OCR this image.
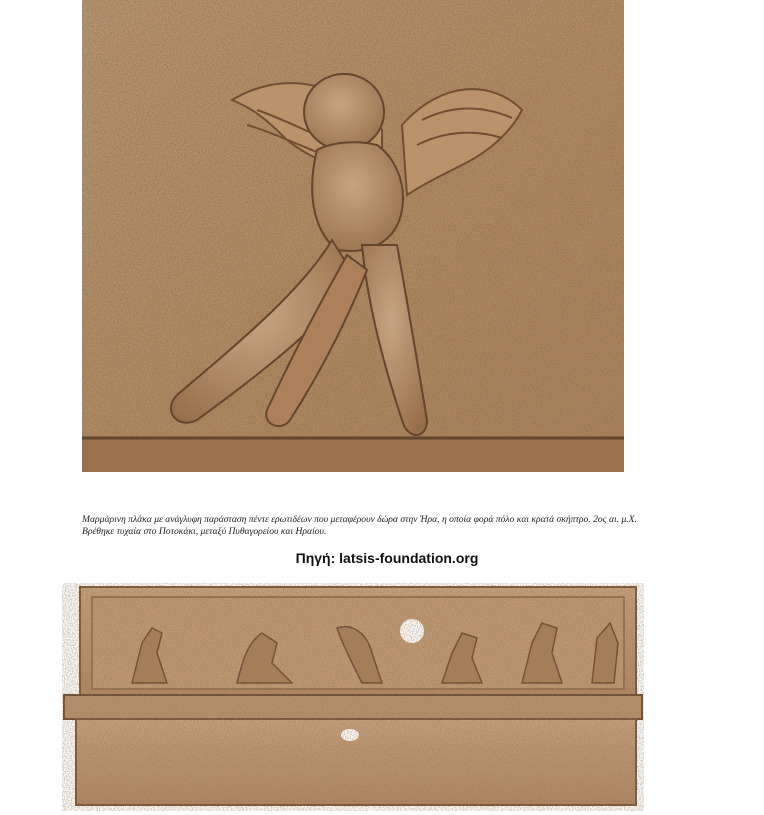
Μαρμάρινη πλάκα με ανάγλυφη παράσταση πέντε ερωτιδέων που μεταφέρουν δώρα στην Ήρα, η οποία φορά πόλο και κρατά σκήπτρο. 2ος αι. μ.Χ. Βρέθηκε τυχαία στο Ποτοκάκι, μεταξύ Πυθαγορείου και Ηραίου.

Πηγή: latsis-foundation.org
